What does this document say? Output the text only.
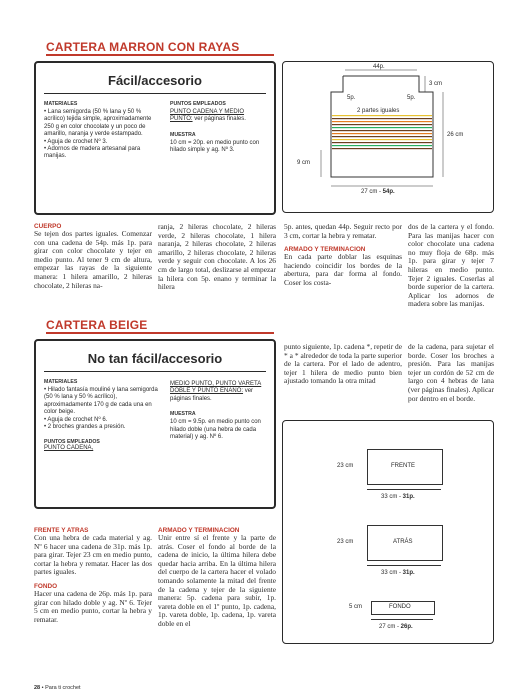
CARTERA MARRON CON RAYAS
Fácil/accesorio
MATERIALES

• Lana semigorda (50 % lana y 50 % acrílico) tejida simple, aproximadamente 250 g en color chocolate y un poco de amarillo, naranja y verde estampado.

• Aguja de crochet Nº 3.

• Adornos de madera artesanal para manijas.

PUNTOS EMPLEADOS
PUNTO CADENA Y MEDIO PUNTO: ver páginas finales.
MUESTRA
10 cm = 20p. en medio punto con hilado simple y ag. Nº 3.
44p.
3 cm
5p.	5p.
2 partes iguales
26 cm
9 cm
27 cm - 54p.
CUERPO
Se tejen dos partes iguales. Comenzar con una cadena de 54p. más 1p. para girar con color chocolate y tejer en medio punto. Al tener 9 cm de altura, empezar las rayas de la siguiente manera: 1 hilera amarillo, 2 hileras chocolate, 2 hileras na-
ranja, 2 hileras chocolate, 2 hileras verde, 2 hileras chocolate, 1 hilera naranja, 2 hileras chocolate, 2 hileras amarillo, 2 hileras chocolate, 2 hileras verde y seguir con chocolate. A los 26 cm de largo total, deslizarse al empezar la hilera con 5p. enano y terminar la hilera
5p. antes, quedan 44p. Seguir recto por 3 cm, cortar la hebra y rematar.
ARMADO Y TERMINACION
En cada parte doblar las esquinas haciendo coincidir los bordes de la abertura, para dar forma al fondo. Coser los costa-
dos de la cartera y el fondo. Para las manijas hacer con color chocolate una cadena no muy floja de 68p. más 1p. para girar y tejer 7 hileras en medio punto. Tejer 2 iguales. Coserlas al borde superior de la cartera. Aplicar los adornos de madera sobre las manijas.
CARTERA BEIGE
No tan fácil/accesorio
MATERIALES

• Hilado fantasía mouliné y lana semigorda (50 % lana y 50 % acrílico), aproximadamente 170 g de cada una en color beige.

• Aguja de crochet Nº 6.

• 2 broches grandes a presión.

PUNTOS EMPLEADOS
PUNTO CADENA,
MEDIO PUNTO, PUNTO VARETA DOBLE Y PUNTO ENANO: ver páginas finales.
MUESTRA
10 cm = 9.5p. en medio punto con hilado doble (una hebra de cada material) y ag. Nº 6.
punto siguiente, 1p. cadena *, repetir de * a * alrededor de toda la parte superior de la cartera. Por el lado de adentro, tejer 1 hilera de medio punto bien ajustado tomando la otra mitad
de la cadena, para sujetar el borde. Coser los broches a presión. Para las manijas tejer un cordón de 52 cm de largo con 4 hebras de lana (ver páginas finales). Aplicar por dentro en el borde.
FRENTE Y ATRAS
Con una hebra de cada material y ag. Nº 6 hacer una cadena de 31p. más 1p. para girar. Tejer 23 cm en medio punto, cortar la hebra y rematar. Hacer las dos partes iguales.
FONDO
Hacer una cadena de 26p. más 1p. para girar con hilado doble y ag. Nº 6. Tejer 5 cm en medio punto, cortar la hebra y rematar.
ARMADO Y TERMINACION
Unir entre sí el frente y la parte de atrás. Coser el fondo al borde de la cadena de inicio, la última hilera debe quedar hacia arriba. En la última hilera del cuerpo de la cartera hacer el volado tomando solamente la mitad del frente de la cadena y tejer de la siguiente manera: 5p. cadena para subir, 1p. vareta doble en el 1º punto, 1p. cadena, 1p. vareta doble, 1p. cadena, 1p. vareta doble en el
FRENTE
23 cm
33 cm - 31p.
ATRÁS
23 cm
33 cm - 31p.
FONDO
5 cm
27 cm - 26p.
28 • Para ti crochet
